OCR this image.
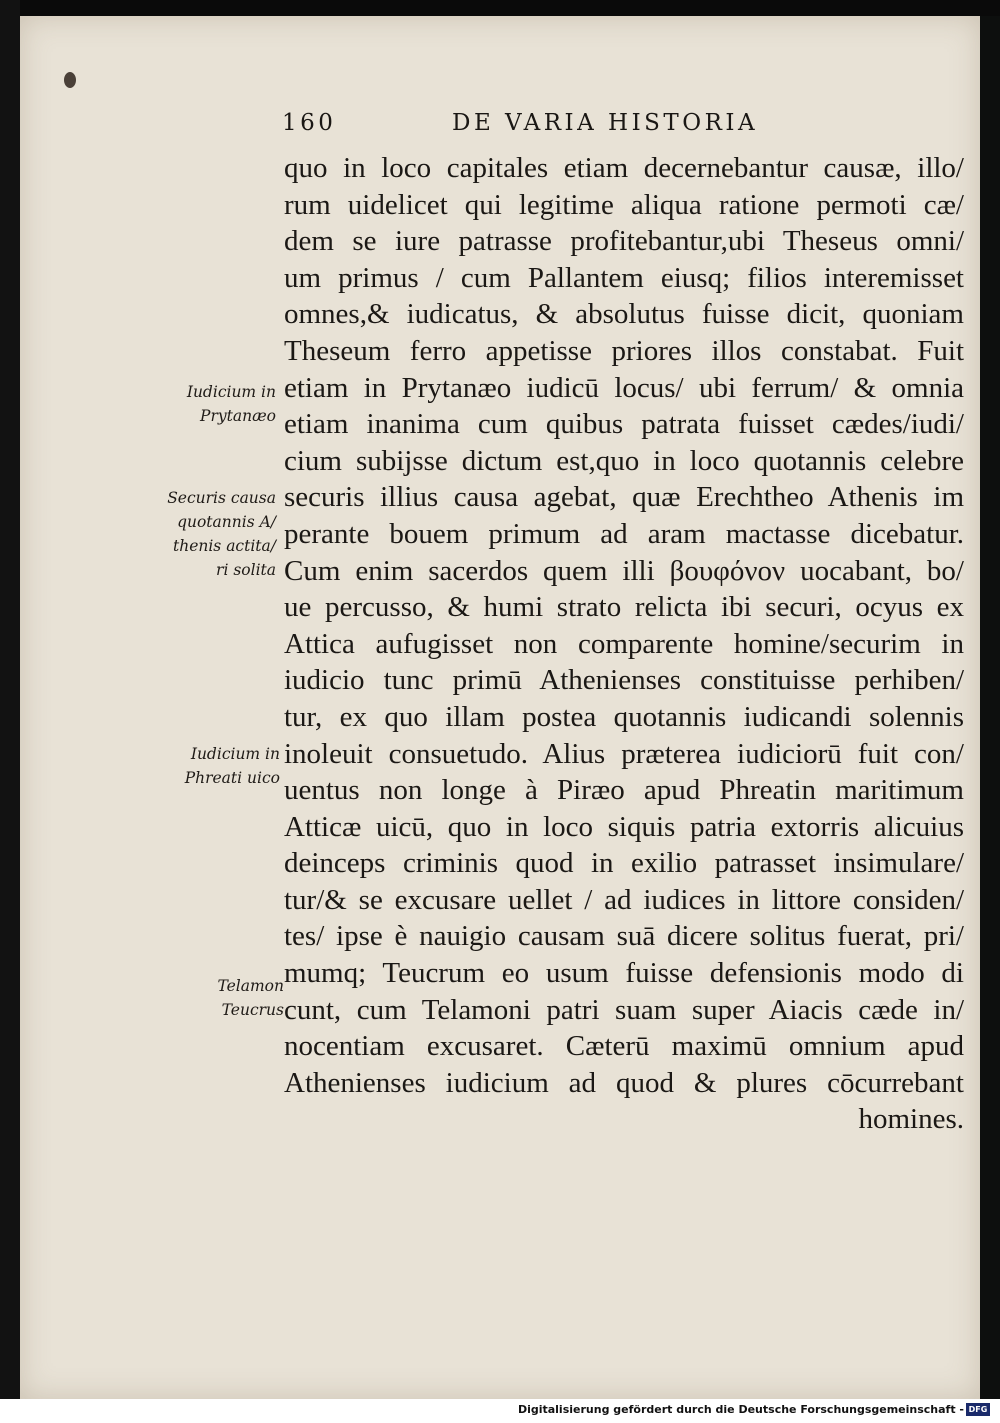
160	DE VARIA HISTORIA
quo in loco capitales etiam decernebantur causæ, illo/
rum uidelicet qui legitime aliqua ratione permoti cæ/
dem se iure patrasse profitebantur,ubi Theseus omni/
um primus / cum Pallantem eiusq; filios interemisset
omnes,& iudicatus, & absolutus fuisse dicit, quoniam
Theseum ferro appetisse priores illos constabat. Fuit
etiam in Prytanæo iudicū locus/ ubi ferrum/ & omnia
etiam inanima cum quibus patrata fuisset cædes/iudi/
cium subijsse dictum est,quo in loco quotannis celebre
securis illius causa agebat, quæ Erechtheo Athenis im
perante bouem primum ad aram mactasse dicebatur.
Cum enim sacerdos quem illi βουφόνον uocabant, bo/
ue percusso, & humi strato relicta ibi securi, ocyus ex
Attica aufugisset non comparente homine/securim in
iudicio tunc primū Athenienses constituisse perhiben/
tur, ex quo illam postea quotannis iudicandi solennis
inoleuit consuetudo. Alius præterea iudiciorū fuit con/
uentus non longe à Piræo apud Phreatin maritimum
Atticæ uicū, quo in loco siquis patria extorris alicuius
deinceps criminis quod in exilio patrasset insimulare/
tur/& se excusare uellet / ad iudices in littore considen/
tes/ ipse è nauigio causam suā dicere solitus fuerat, pri/
mumq; Teucrum eo usum fuisse defensionis modo di
cunt, cum Telamoni patri suam super Aiacis cæde in/
nocentiam excusaret. Cæterū maximū omnium apud
Athenienses iudicium ad quod & plures cōcurrebant
homines.
Iudicium in
Prytanæo
Securis causa
quotannis A/
thenis actita/
ri solita
Iudicium in
Phreati uico
Telamon
Teucrus
Digitalisierung gefördert durch die Deutsche Forschungsgemeinschaft - DFG
